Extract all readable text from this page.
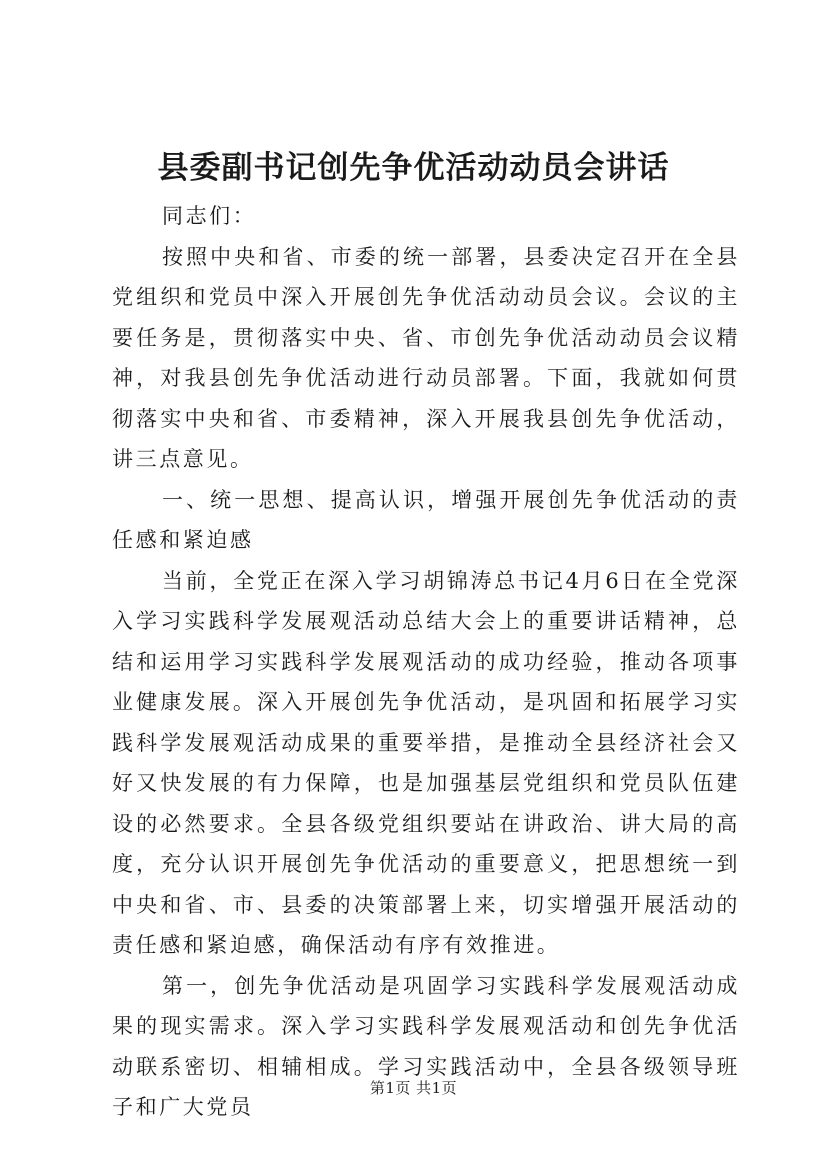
县委副书记创先争优活动动员会讲话

同志们：

按照中央和省、市委的统一部署，县委决定召开在全县党组织和党员中深入开展创先争优活动动员会议。会议的主要任务是，贯彻落实中央、省、市创先争优活动动员会议精神，对我县创先争优活动进行动员部署。下面，我就如何贯彻落实中央和省、市委精神，深入开展我县创先争优活动，讲三点意见。

一、统一思想、提高认识，增强开展创先争优活动的责任感和紧迫感

当前，全党正在深入学习胡锦涛总书记4月6日在全党深入学习实践科学发展观活动总结大会上的重要讲话精神，总结和运用学习实践科学发展观活动的成功经验，推动各项事业健康发展。深入开展创先争优活动，是巩固和拓展学习实践科学发展观活动成果的重要举措，是推动全县经济社会又好又快发展的有力保障，也是加强基层党组织和党员队伍建设的必然要求。全县各级党组织要站在讲政治、讲大局的高度，充分认识开展创先争优活动的重要意义，把思想统一到中央和省、市、县委的决策部署上来，切实增强开展活动的责任感和紧迫感，确保活动有序有效推进。

第一，创先争优活动是巩固学习实践科学发展观活动成果的现实需求。深入学习实践科学发展观活动和创先争优活动联系密切、相辅相成。学习实践活动中，全县各级领导班子和广大党员

第1页 共1页
